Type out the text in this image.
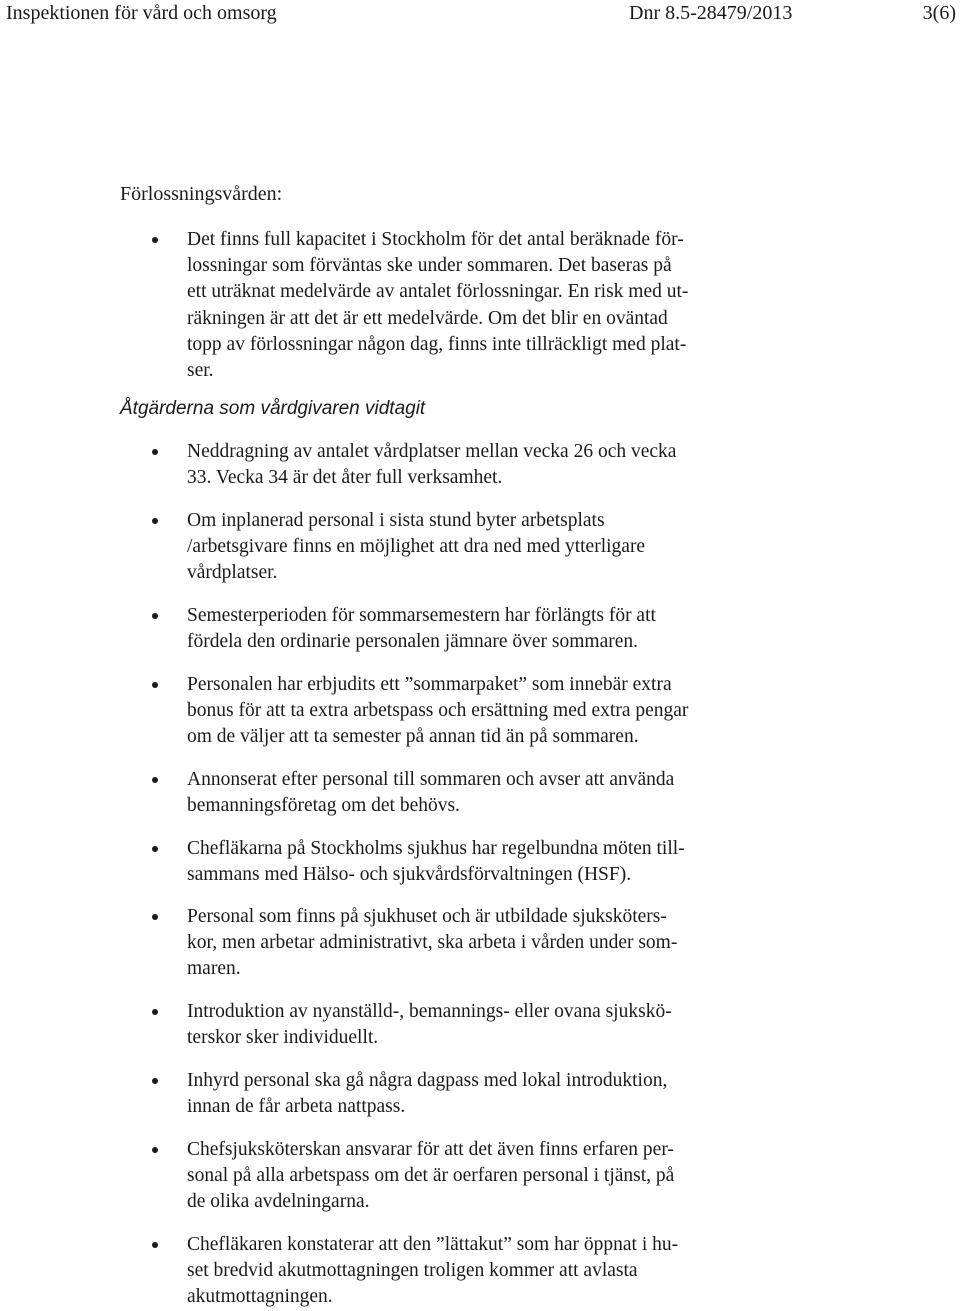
Inspektionen för vård och omsorg	Dnr 8.5-28479/2013	3(6)
Förlossningsvården:
Det finns full kapacitet i Stockholm för det antal beräknade för-
lossningar som förväntas ske under sommaren. Det baseras på
ett uträknat medelvärde av antalet förlossningar. En risk med ut-
räkningen är att det är ett medelvärde. Om det blir en oväntad
topp av förlossningar någon dag, finns inte tillräckligt med plat-
ser.
Åtgärderna som vårdgivaren vidtagit
Neddragning av antalet vårdplatser mellan vecka 26 och vecka
33. Vecka 34 är det åter full verksamhet.
Om inplanerad personal i sista stund byter arbetsplats
/arbetsgivare finns en möjlighet att dra ned med ytterligare
vårdplatser.
Semesterperioden för sommarsemestern har förlängts för att
fördela den ordinarie personalen jämnare över sommaren.
Personalen har erbjudits ett ”sommarpaket” som innebär extra
bonus för att ta extra arbetspass och ersättning med extra pengar
om de väljer att ta semester på annan tid än på sommaren.
Annonserat efter personal till sommaren och avser att använda
bemanningsföretag om det behövs.
Chefläkarna på Stockholms sjukhus har regelbundna möten till-
sammans med Hälso- och sjukvårdsförvaltningen (HSF).
Personal som finns på sjukhuset och är utbildade sjuksköters-
kor, men arbetar administrativt, ska arbeta i vården under som-
maren.
Introduktion av nyanställd-, bemannings- eller ovana sjukskö-
terskor sker individuellt.
Inhyrd personal ska gå några dagpass med lokal introduktion,
innan de får arbeta nattpass.
Chefsjuksköterskan ansvarar för att det även finns erfaren per-
sonal på alla arbetspass om det är oerfaren personal i tjänst, på
de olika avdelningarna.
Chefläkaren konstaterar att den ”lättakut” som har öppnat i hu-
set bredvid akutmottagningen troligen kommer att avlasta
akutmottagningen.
